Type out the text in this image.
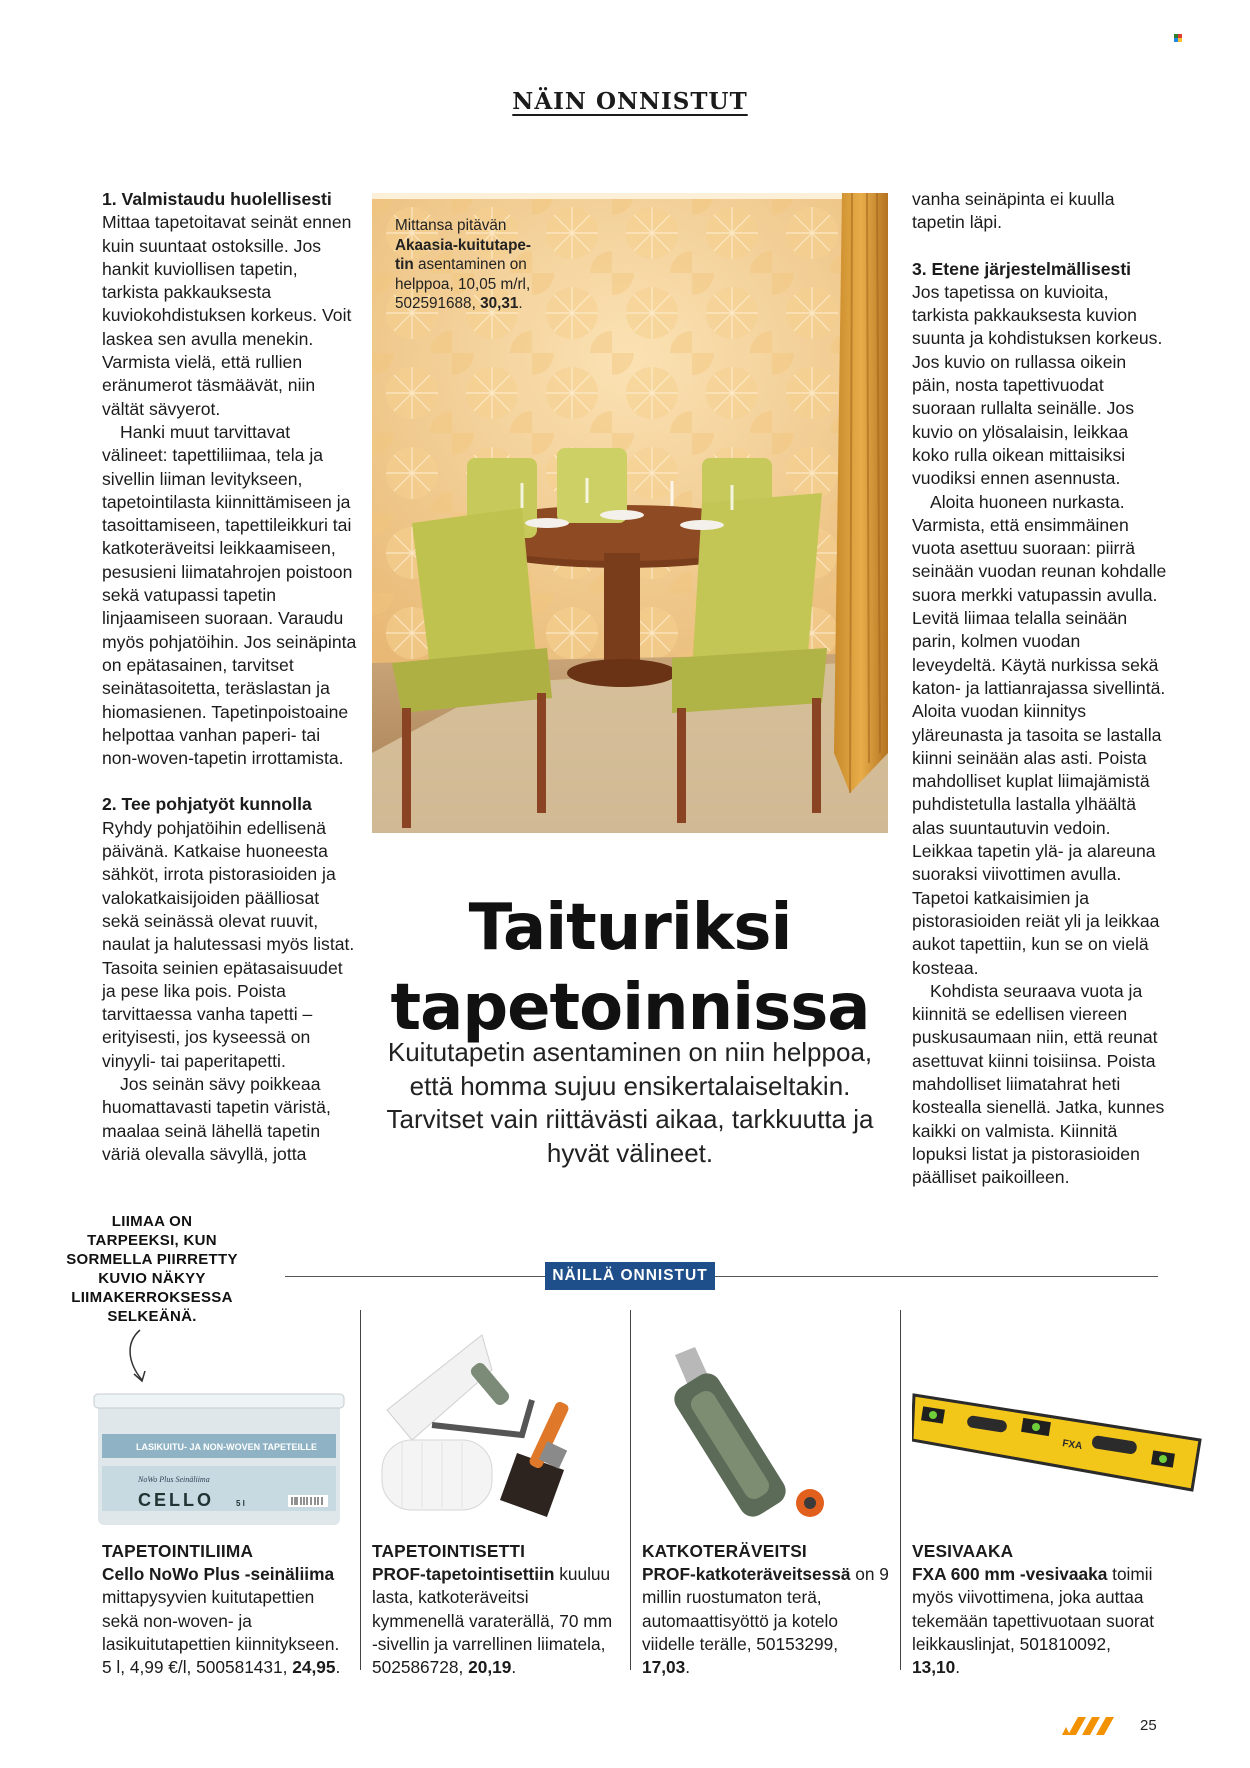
NÄIN ONNISTUT

1. Valmistaudu huolellisesti

Mittaa tapetoitavat seinät ennen kuin suuntaat ostoksille. Jos hankit kuviollisen tapetin, tarkista pakkauksesta kuviokohdistuksen korkeus. Voit laskea sen avulla menekin. Varmista vielä, että rullien eränumerot täsmäävät, niin vältät sävyerot.

Hanki muut tarvittavat välineet: tapettiliimaa, tela ja sivellin liiman levitykseen, tapetointilasta kiinnittämiseen ja tasoittamiseen, tapettileikkuri tai katkoteräveitsi leikkaamiseen, pesusieni liimatahrojen poistoon sekä vatupassi tapetin linjaamiseen suoraan. Varaudu myös pohjatöihin. Jos seinäpinta on epätasainen, tarvitset seinätasoitetta, teräslastan ja hiomasienen. Tapetinpoistoaine helpottaa vanhan paperi- tai non-woven-tapetin irrottamista.

2. Tee pohjatyöt kunnolla

Ryhdy pohjatöihin edellisenä päivänä. Katkaise huoneesta sähköt, irrota pistorasioiden ja valokatkaisijoiden päälliosat sekä seinässä olevat ruuvit, naulat ja halutessasi myös listat. Tasoita seinien epätasaisuudet ja pese lika pois. Poista tarvittaessa vanha tapetti – erityisesti, jos kyseessä on vinyyli- tai paperitapetti.

Jos seinän sävy poikkeaa huomattavasti tapetin väristä, maalaa seinä lähellä tapetin väriä olevalla sävyllä, jotta

Mittansa pitävän
Akaasia-kuitutape-
tin asentaminen on
helppoa, 10,05 m/rl,
502591688, 30,31.
Taituriksi
tapetoinnissa
Kuitutapetin asentaminen on niin helppoa, että homma sujuu ensikertalaiseltakin. Tarvitset vain riittävästi aikaa, tarkkuutta ja hyvät välineet.

vanha seinäpinta ei kuulla tapetin läpi.

3. Etene järjestelmällisesti

Jos tapetissa on kuvioita, tarkista pakkauksesta kuvion suunta ja kohdistuksen korkeus. Jos kuvio on rullassa oikein päin, nosta tapettivuodat suoraan rullalta seinälle. Jos kuvio on ylösalaisin, leikkaa koko rulla oikean mittaisiksi vuodiksi ennen asennusta.

Aloita huoneen nurkasta. Varmista, että ensimmäinen vuota asettuu suoraan: piirrä seinään vuodan reunan kohdalle suora merkki vatupassin avulla. Levitä liimaa telalla seinään parin, kolmen vuodan leveydeltä. Käytä nurkissa sekä katon- ja lattianrajassa sivellintä. Aloita vuodan kiinnitys yläreunasta ja tasoita se lastalla kiinni seinään alas asti. Poista mahdolliset kuplat liimajämistä puhdistetulla lastalla ylhäältä alas suuntautuvin vedoin. Leikkaa tapetin ylä- ja alareuna suoraksi viivottimen avulla. Tapetoi katkaisimien ja pistorasioiden reiät yli ja leikkaa aukot tapettiin, kun se on vielä kosteaa.

Kohdista seuraava vuota ja kiinnitä se edellisen viereen puskusaumaan niin, että reunat asettuvat kiinni toisiinsa. Poista mahdolliset liimatahrat heti kostealla sienellä. Jatka, kunnes kaikki on valmista. Kiinnitä lopuksi listat ja pistorasioiden päälliset paikoilleen.

LIIMAA ON
TARPEEKSI, KUN
SORMELLA PIIRRETTY
KUVIO NÄKYY
LIIMAKERROKSESSA
SELKEÄNÄ.
NÄILLÄ ONNISTUT
LASIKUITU- JA NON-WOVEN TAPETEILLE
NoWo Plus Seinäliima
CELLO	5 l
FXA
TAPETOINTILIIMA
Cello NoWo Plus -seinäliima mittapysyvien kuitutapettien sekä non-woven- ja lasikuitutapettien kiinnitykseen. 5 l, 4,99 €/l, 500581431, 24,95.
TAPETOINTISETTI
PROF-tapetointisettiin kuuluu lasta, katkoteräveitsi kymmenellä varaterällä, 70 mm -sivellin ja varrellinen liimatela, 502586728, 20,19.
KATKOTERÄVEITSI
PROF-katkoteräveitsessä on 9 millin ruostumaton terä, automaattisyöttö ja kotelo viidelle terälle, 50153299, 17,03.
VESIVAAKA
FXA 600 mm -vesivaaka toimii myös viivottimena, joka auttaa tekemään tapettivuotaan suorat leikkauslinjat, 501810092, 13,10.
25
